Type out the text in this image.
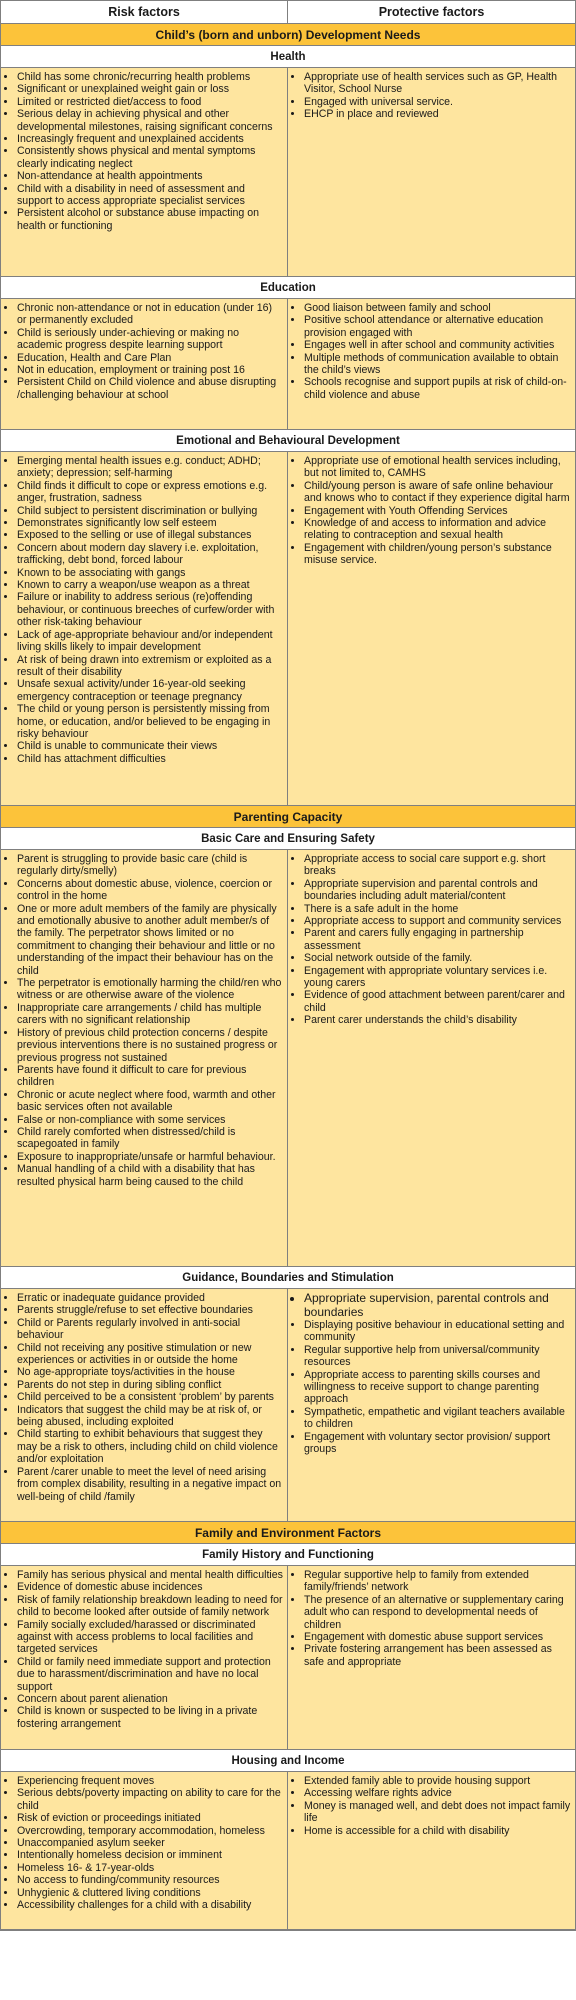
Risk factors	Protective factors
Child’s (born and unborn) Development Needs
Health
• Child has some chronic/recurring health problems
• Significant or unexplained weight gain or loss
• Limited or restricted diet/access to food
• Serious delay in achieving physical and other developmental milestones, raising significant concerns
• Increasingly frequent and unexplained accidents
• Consistently shows physical and mental symptoms clearly indicating neglect
• Non-attendance at health appointments
• Child with a disability in need of assessment and support to access appropriate specialist services
• Persistent alcohol or substance abuse impacting on health or functioning
• Appropriate use of health services such as GP, Health Visitor, School Nurse
• Engaged with universal service.
• EHCP in place and reviewed
Education
• Chronic non-attendance or not in education (under 16) or permanently excluded
• Child is seriously under-achieving or making no academic progress despite learning support
• Education, Health and Care Plan
• Not in education, employment or training post 16
• Persistent Child on Child violence and abuse disrupting /challenging behaviour at school
• Good liaison between family and school
• Positive school attendance or alternative education provision engaged with
• Engages well in after school and community activities
• Multiple methods of communication available to obtain the child’s views
• Schools recognise and support pupils at risk of child-on-child violence and abuse
Emotional and Behavioural Development
• Emerging mental health issues e.g. conduct; ADHD; anxiety; depression; self-harming
• Child finds it difficult to cope or express emotions e.g. anger, frustration, sadness
• Child subject to persistent discrimination or bullying
• Demonstrates significantly low self esteem
• Exposed to the selling or use of illegal substances
• Concern about modern day slavery i.e. exploitation, trafficking, debt bond, forced labour
• Known to be associating with gangs
• Known to carry a weapon/use weapon as a threat
• Failure or inability to address serious (re)offending behaviour, or continuous breeches of curfew/order with other risk-taking behaviour
• Lack of age-appropriate behaviour and/or independent living skills likely to impair development
• At risk of being drawn into extremism or exploited as a result of their disability
• Unsafe sexual activity/under 16-year-old seeking emergency contraception or teenage pregnancy
• The child or young person is persistently missing from home, or education, and/or believed to be engaging in risky behaviour
• Child is unable to communicate their views
• Child has attachment difficulties
• Appropriate use of emotional health services including, but not limited to, CAMHS
• Child/young person is aware of safe online behaviour and knows who to contact if they experience digital harm
• Engagement with Youth Offending Services
• Knowledge of and access to information and advice relating to contraception and sexual health
• Engagement with children/young person’s substance misuse service.
Parenting Capacity
Basic Care and Ensuring Safety
• Parent is struggling to provide basic care (child is regularly dirty/smelly)
• Concerns about domestic abuse, violence, coercion or control in the home
• One or more adult members of the family are physically and emotionally abusive to another adult member/s of the family. The perpetrator shows limited or no commitment to changing their behaviour and little or no understanding of the impact their behaviour has on the child
• The perpetrator is emotionally harming the child/ren who witness or are otherwise aware of the violence
• Inappropriate care arrangements / child has multiple carers with no significant relationship
• History of previous child protection concerns / despite previous interventions there is no sustained progress or previous progress not sustained
• Parents have found it difficult to care for previous children
• Chronic or acute neglect where food, warmth and other basic services often not available
• False or non-compliance with some services
• Child rarely comforted when distressed/child is scapegoated in family
• Exposure to inappropriate/unsafe or harmful behaviour.
• Manual handling of a child with a disability that has resulted physical harm being caused to the child
• Appropriate access to social care support e.g. short breaks
• Appropriate supervision and parental controls and boundaries including adult material/content
• There is a safe adult in the home
• Appropriate access to support and community services
• Parent and carers fully engaging in partnership assessment
• Social network outside of the family.
• Engagement with appropriate voluntary services i.e. young carers
• Evidence of good attachment between parent/carer and child
• Parent carer understands the child’s disability
Guidance, Boundaries and Stimulation
• Erratic or inadequate guidance provided
• Parents struggle/refuse to set effective boundaries
• Child or Parents regularly involved in anti-social behaviour
• Child not receiving any positive stimulation or new experiences or activities in or outside the home
• No age-appropriate toys/activities in the house
• Parents do not step in during sibling conflict
• Child perceived to be a consistent ‘problem’ by parents
• Indicators that suggest the child may be at risk of, or being abused, including exploited
• Child starting to exhibit behaviours that suggest they may be a risk to others, including child on child violence and/or exploitation
• Parent /carer unable to meet the level of need arising from complex disability, resulting in a negative impact on well-being of child /family
• Appropriate supervision, parental controls and boundaries
• Displaying positive behaviour in educational setting and community
• Regular supportive help from universal/community resources
• Appropriate access to parenting skills courses and willingness to receive support to change parenting approach
• Sympathetic, empathetic and vigilant teachers available to children
• Engagement with voluntary sector provision/ support groups
Family and Environment Factors
Family History and Functioning
• Family has serious physical and mental health difficulties
• Evidence of domestic abuse incidences
• Risk of family relationship breakdown leading to need for child to become looked after outside of family network
• Family socially excluded/harassed or discriminated against with access problems to local facilities and targeted services
• Child or family need immediate support and protection due to harassment/discrimination and have no local support
• Concern about parent alienation
• Child is known or suspected to be living in a private fostering arrangement
• Regular supportive help to family from extended family/friends’ network
• The presence of an alternative or supplementary caring adult who can respond to developmental needs of children
• Engagement with domestic abuse support services
• Private fostering arrangement has been assessed as safe and appropriate
Housing and Income
• Experiencing frequent moves
• Serious debts/poverty impacting on ability to care for the child
• Risk of eviction or proceedings initiated
• Overcrowding, temporary accommodation, homeless
• Unaccompanied asylum seeker
• Intentionally homeless decision or imminent
• Homeless 16- & 17-year-olds
• No access to funding/community resources
• Unhygienic & cluttered living conditions
• Accessibility challenges for a child with a disability
• Extended family able to provide housing support
• Accessing welfare rights advice
• Money is managed well, and debt does not impact family life
• Home is accessible for a child with disability
